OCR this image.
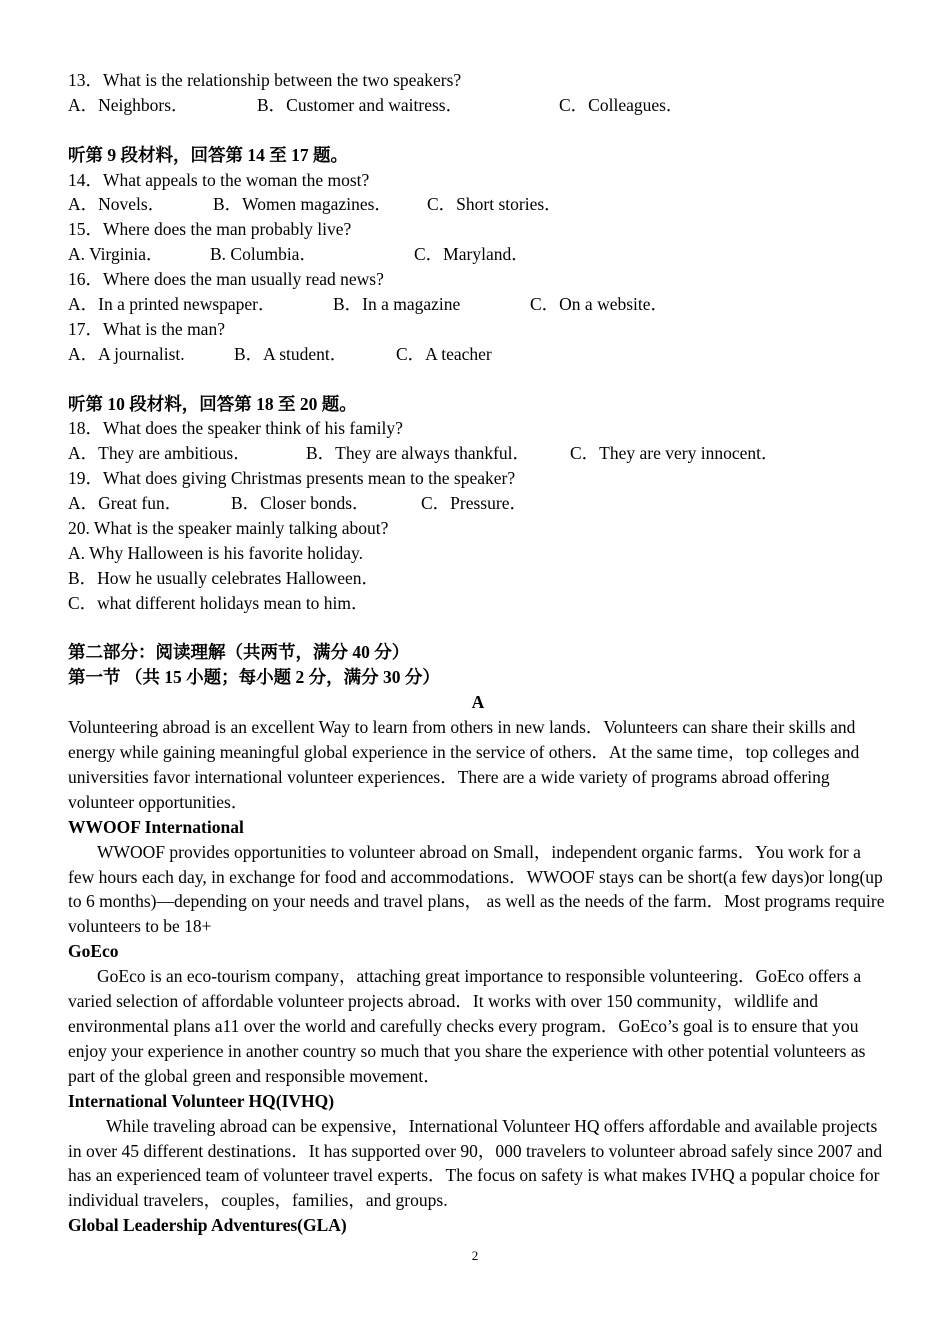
13．What is the relationship between the two speakers?
A．Neighbors．	B．Customer and waitress．	C．Colleagues．
听第 9 段材料，回答第 14 至 17 题。
14．What appeals to the woman the most?
A．Novels．	B．Women magazines． C．Short stories．
15．Where does the man probably live?
A. Virginia．	B. Columbia．	C．Maryland．
16．Where does the man usually read news?
A．In a printed newspaper．	B．In a magazine	C．On a website．
17．What is the man?
A．A journalist.	B．A student．	C．A teacher
听第 10 段材料，回答第 18 至 20 题。
18．What does the speaker think of his family?
A．They are ambitious．	B．They are always thankful． C．They are very innocent．
19．What does giving Christmas presents mean to the speaker?
A．Great fun．	B．Closer bonds．	C．Pressure．
20. What is the speaker mainly talking about?
A. Why Halloween is his favorite holiday.
B．How he usually celebrates Halloween．
C．what different holidays mean to him．
第二部分：阅读理解（共两节，满分 40 分）
第一节 （共 15 小题；每小题 2 分，满分 30 分）
A
Volunteering abroad is an excellent Way to learn from others in new lands．Volunteers can share their skills and energy while gaining meaningful global experience in the service of others．At the same time，top colleges and universities favor international volunteer experiences．There are a wide variety of programs abroad offering volunteer opportunities．
WWOOF International
WWOOF provides opportunities to volunteer abroad on Small，independent organic farms．You work for a few hours each day, in exchange for food and accommodations．WWOOF stays can be short(a few days)or long(up to 6 months)—depending on your needs and travel plans， as well as the needs of the farm．Most programs require volunteers to be 18+
GoEco
GoEco is an eco-tourism company，attaching great importance to responsible volunteering．GoEco offers a varied selection of affordable volunteer projects abroad．It works with over 150 community，wildlife and environmental plans a11 over the world and carefully checks every program．GoEco’s goal is to ensure that you enjoy your experience in another country so much that you share the experience with other potential volunteers as part of the global green and responsible movement．
International Volunteer HQ(IVHQ)
While traveling abroad can be expensive，International Volunteer HQ offers affordable and available projects in over 45 different destinations．It has supported over 90，000 travelers to volunteer abroad safely since 2007 and has an experienced team of volunteer travel experts．The focus on safety is what makes IVHQ a popular choice for individual travelers，couples，families，and groups.
Global Leadership Adventures(GLA)
2
